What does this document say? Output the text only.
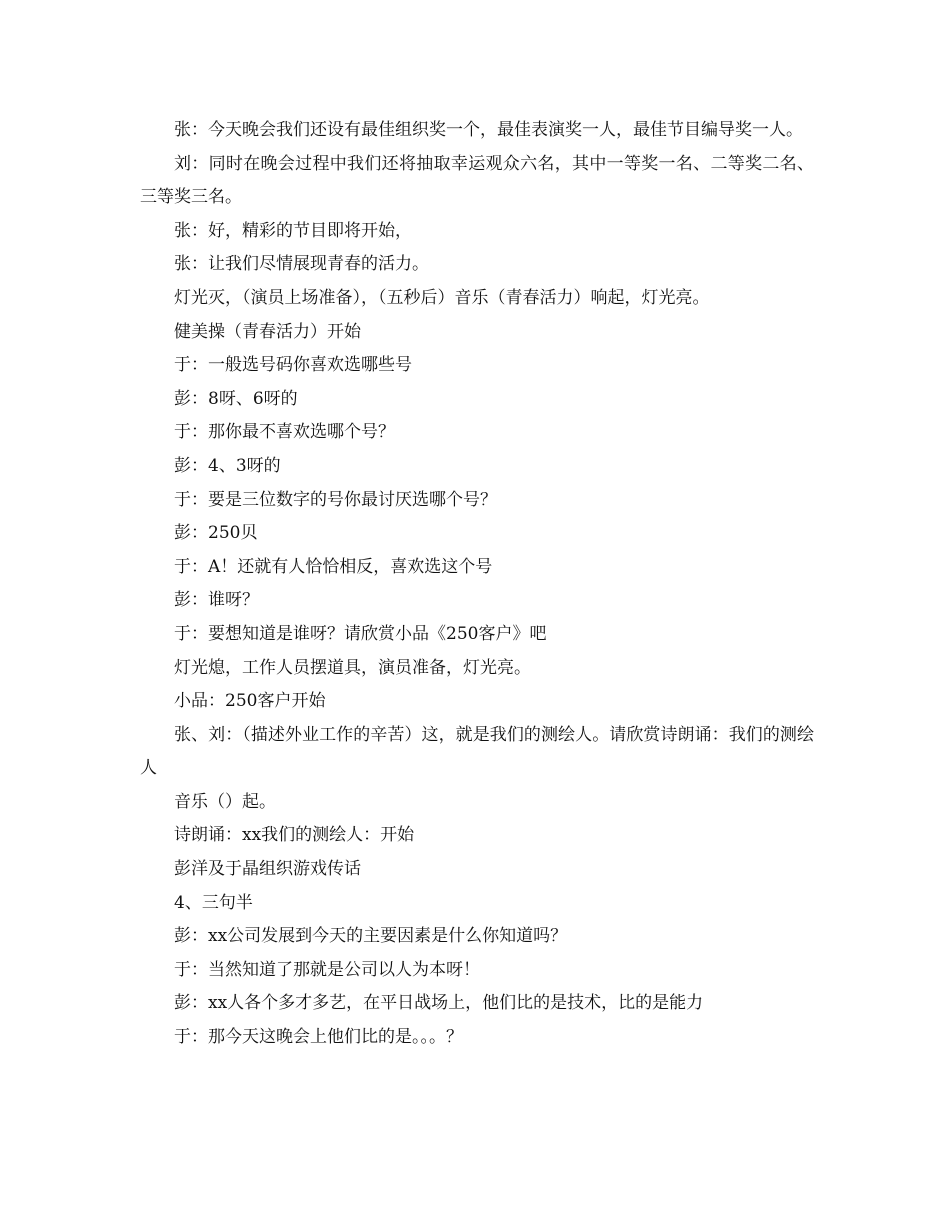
张：今天晚会我们还设有最佳组织奖一个，最佳表演奖一人，最佳节目编导奖一人。

刘：同时在晚会过程中我们还将抽取幸运观众六名，其中一等奖一名、二等奖二名、三等奖三名。

张：好，精彩的节目即将开始，

张：让我们尽情展现青春的活力。

灯光灭，（演员上场准备），（五秒后）音乐（青春活力）响起，灯光亮。

健美操（青春活力）开始

于：一般选号码你喜欢选哪些号

彭：8呀、6呀的

于：那你最不喜欢选哪个号？

彭：4、3呀的

于：要是三位数字的号你最讨厌选哪个号？

彭：250贝

于：A！还就有人恰恰相反，喜欢选这个号

彭：谁呀？

于：要想知道是谁呀？请欣赏小品《250客户》吧

灯光熄，工作人员摆道具，演员准备，灯光亮。

小品：250客户开始

张、刘：（描述外业工作的辛苦）这，就是我们的测绘人。请欣赏诗朗诵：我们的测绘人

音乐（）起。

诗朗诵：xx我们的测绘人：开始

彭洋及于晶组织游戏传话

4、三句半

彭：xx公司发展到今天的主要因素是什么你知道吗？

于：当然知道了那就是公司以人为本呀！

彭：xx人各个多才多艺，在平日战场上，他们比的是技术，比的是能力

于：那今天这晚会上他们比的是。。。？
